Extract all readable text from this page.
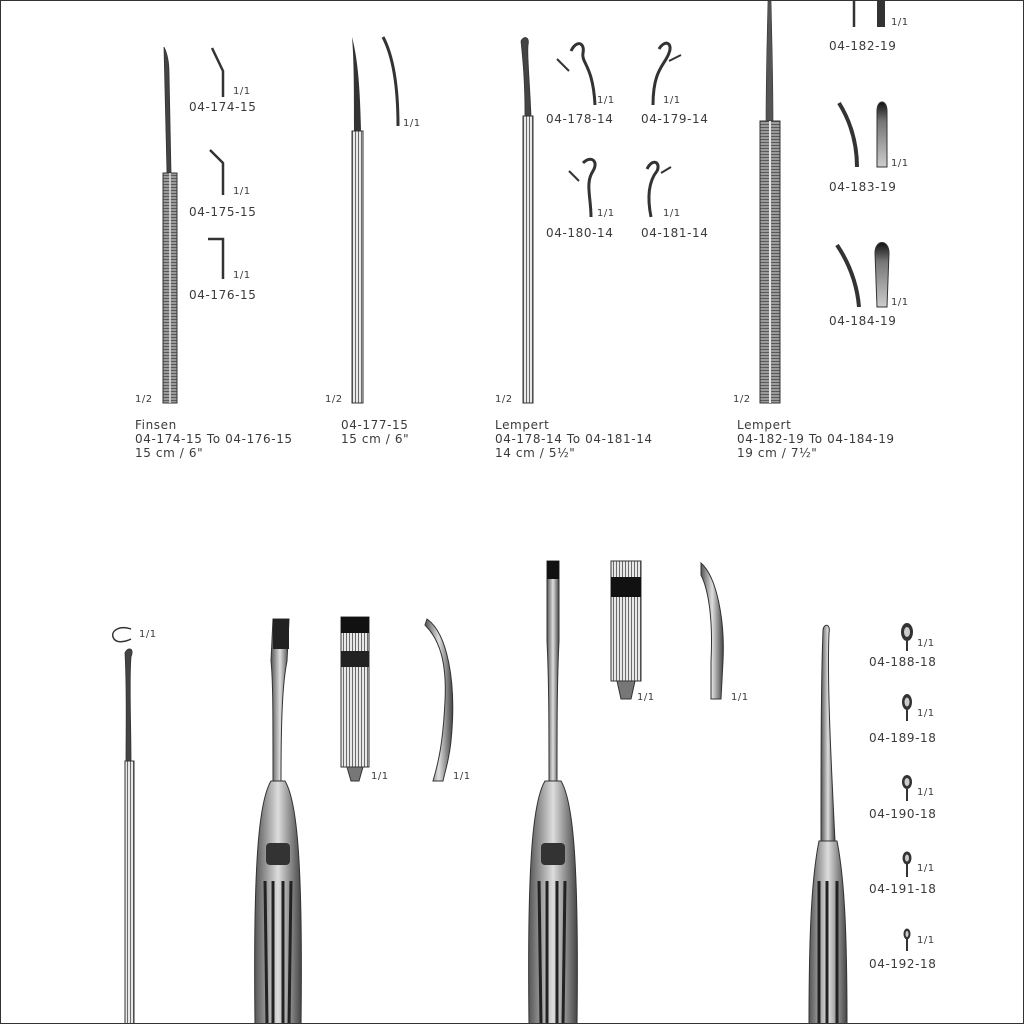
1/1
04-174-15
1/1
04-175-15
1/1
04-176-15
1/2
1/1
1/2
1/1	1/1
04-178-14 04-179-14
1/1	1/1
04-180-14 04-181-14
1/2
1/1
04-182-19
1/1
04-183-19
1/1
04-184-19
1/2
Finsen
04-174-15 To 04-176-15
15 cm / 6"
04-177-15
15 cm / 6"
Lempert
04-178-14 To 04-181-14
14 cm / 5½"
Lempert
04-182-19 To 04-184-19
19 cm / 7½"
1/1
1/1	1/1
1/1	1/1
1/1
04-188-18
1/1
04-189-18
1/1
04-190-18
1/1
04-191-18
1/1
04-192-18
